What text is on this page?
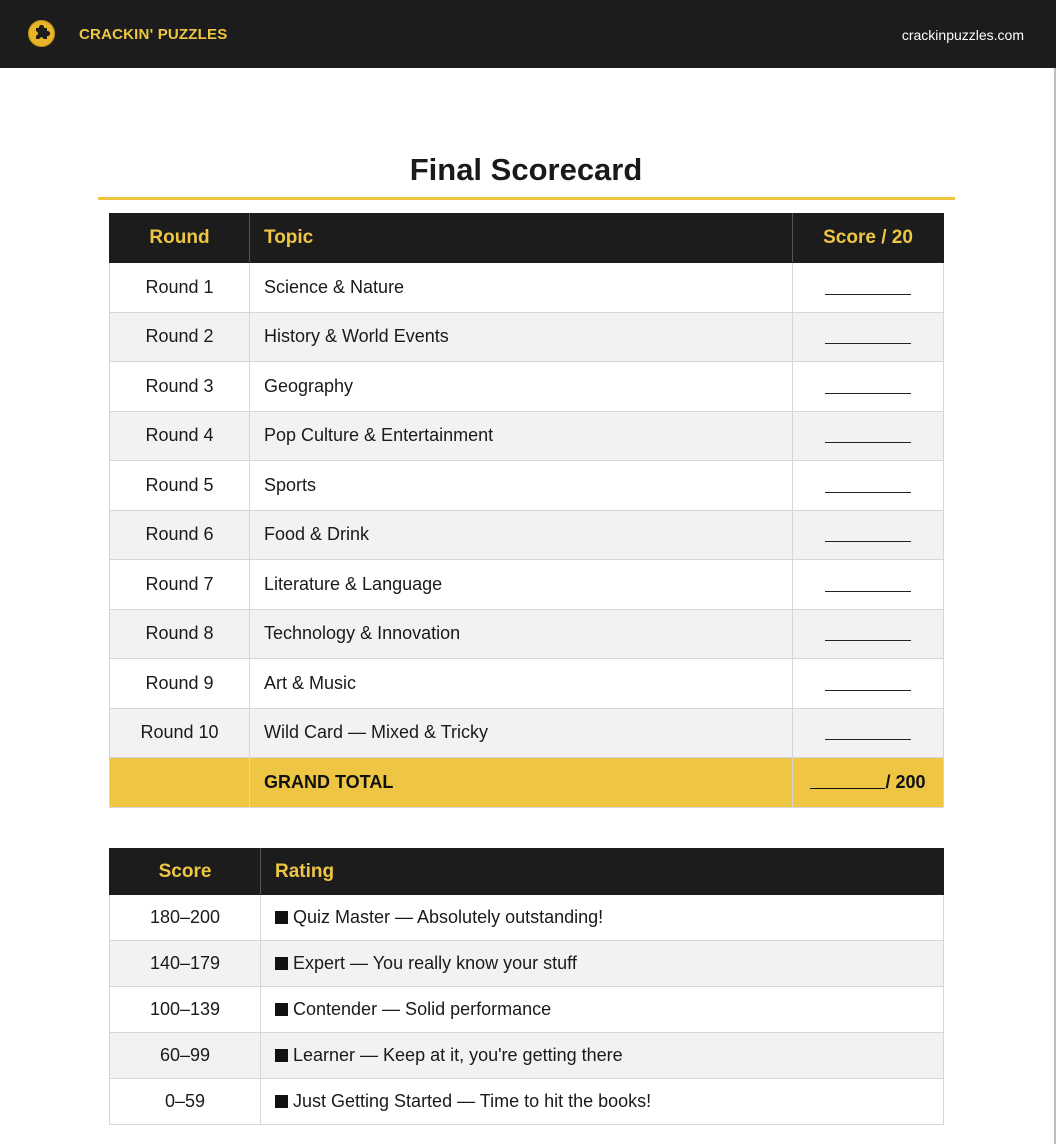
CRACKIN' PUZZLES	crackinpuzzles.com
Final Scorecard
Round	Topic	Score / 20
Round 1	Science & Nature	
Round 2	History & World Events	
Round 3	Geography	
Round 4	Pop Culture & Entertainment	
Round 5	Sports	
Round 6	Food & Drink	
Round 7	Literature & Language	
Round 8	Technology & Innovation	
Round 9	Art & Music	
Round 10	Wild Card — Mixed & Tricky	
	GRAND TOTAL	/ 200
Score	Rating
180–200	Quiz Master — Absolutely outstanding!
140–179	Expert — You really know your stuff
100–139	Contender — Solid performance
60–99	Learner — Keep at it, you're getting there
0–59	Just Getting Started — Time to hit the books!
